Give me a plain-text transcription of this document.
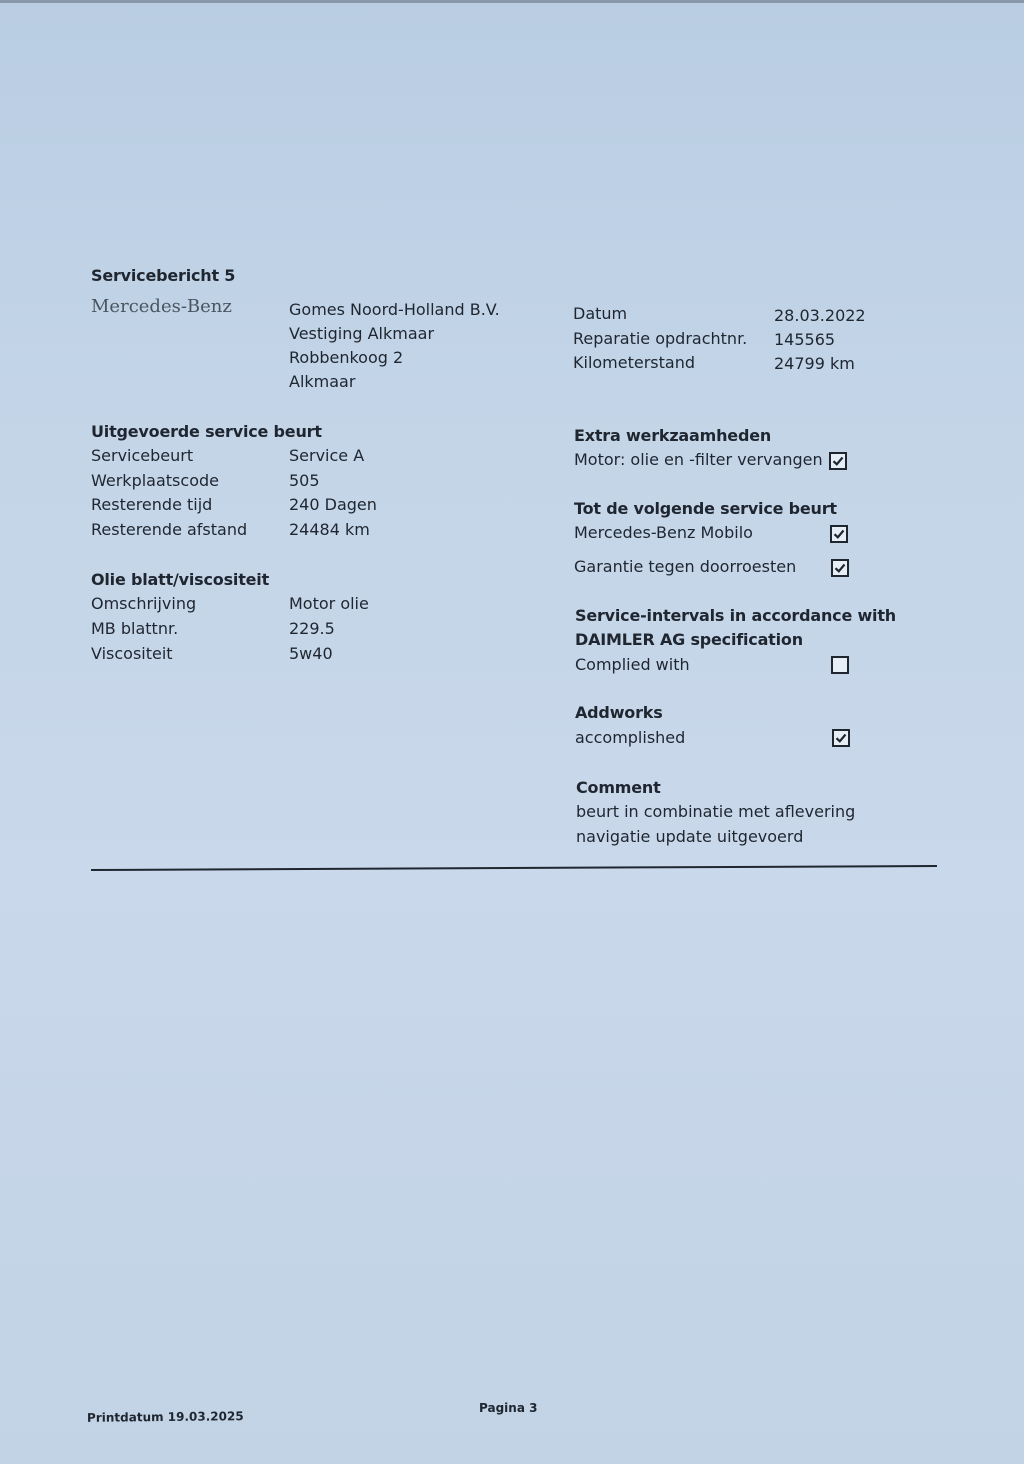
Servicebericht 5
Mercedes-Benz	Gomes Noord-Holland B.V.
Vestiging Alkmaar
Robbenkoog 2
Alkmaar
Datum	28.03.2022
Reparatie opdrachtnr. 145565
Kilometerstand	24799 km
Uitgevoerde service beurt
Servicebeurt	Service A
Werkplaatscode	505
Resterende tijd	240 Dagen
Resterende afstand	24484 km
Olie blatt/viscositeit
Omschrijving	Motor olie
MB blattnr.	229.5
Viscositeit	5w40
Extra werkzaamheden
Motor: olie en -filter vervangen
Tot de volgende service beurt
Mercedes-Benz Mobilo
Garantie tegen doorroesten
Service-intervals in accordance with
DAIMLER AG specification
Complied with
Addworks
accomplished
Comment
beurt in combinatie met aflevering
navigatie update uitgevoerd
Printdatum 19.03.2025
Pagina 3
